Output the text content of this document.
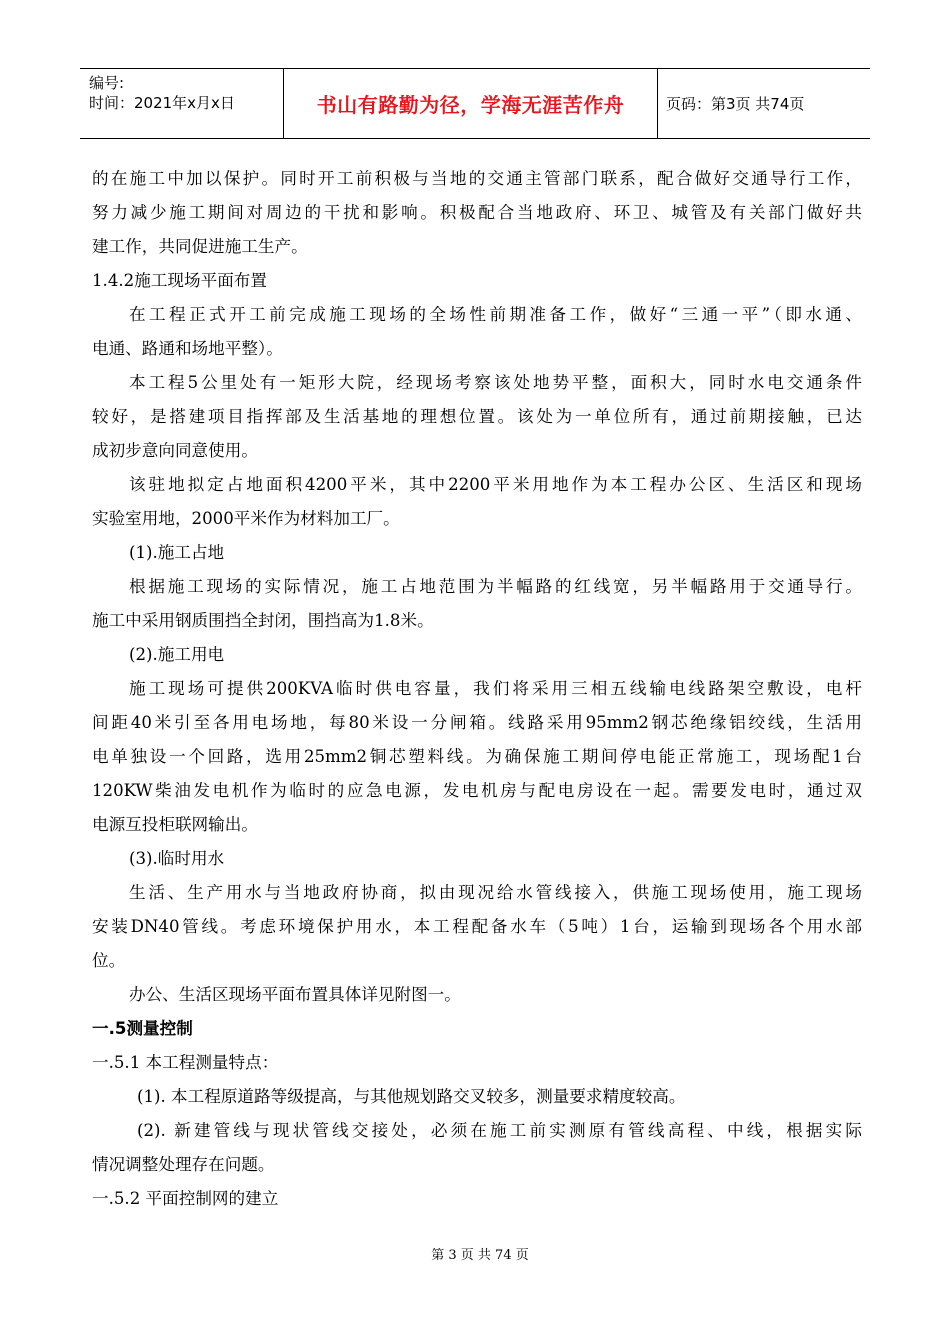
编号:
时间：2021年x月x日	书山有路勤为径，学海无涯苦作舟	页码：第3页 共74页
的在施工中加以保护。同时开工前积极与当地的交通主管部门联系，配合做好交通导行工作，
努力减少施工期间对周边的干扰和影响。积极配合当地政府、环卫、城管及有关部门做好共
建工作，共同促进施工生产。
1.4.2施工现场平面布置
在工程正式开工前完成施工现场的全场性前期准备工作，做好“三通一平”（即水通、
电通、路通和场地平整）。
本工程5公里处有一矩形大院，经现场考察该处地势平整，面积大，同时水电交通条件
较好，是搭建项目指挥部及生活基地的理想位置。该处为一单位所有，通过前期接触，已达
成初步意向同意使用。
该驻地拟定占地面积4200平米，其中2200平米用地作为本工程办公区、生活区和现场
实验室用地，2000平米作为材料加工厂。
(1).施工占地
根据施工现场的实际情况，施工占地范围为半幅路的红线宽，另半幅路用于交通导行。
施工中采用钢质围挡全封闭，围挡高为1.8米。
(2).施工用电
施工现场可提供200KVA临时供电容量，我们将采用三相五线输电线路架空敷设，电杆
间距40米引至各用电场地，每80米设一分闸箱。线路采用95mm2钢芯绝缘铝绞线，生活用
电单独设一个回路，选用25mm2铜芯塑料线。为确保施工期间停电能正常施工，现场配1台
120KW柴油发电机作为临时的应急电源，发电机房与配电房设在一起。需要发电时，通过双
电源互投柜联网输出。
(3).临时用水
生活、生产用水与当地政府协商，拟由现况给水管线接入，供施工现场使用，施工现场
安装DN40管线。考虑环境保护用水，本工程配备水车（5吨）1台，运输到现场各个用水部
位。
办公、生活区现场平面布置具体详见附图一。
一.5测量控制
一.5.1 本工程测量特点：
(1). 本工程原道路等级提高，与其他规划路交叉较多，测量要求精度较高。
(2). 新建管线与现状管线交接处，必须在施工前实测原有管线高程、中线，根据实际
情况调整处理存在问题。
一.5.2 平面控制网的建立
第 3 页 共 74 页
